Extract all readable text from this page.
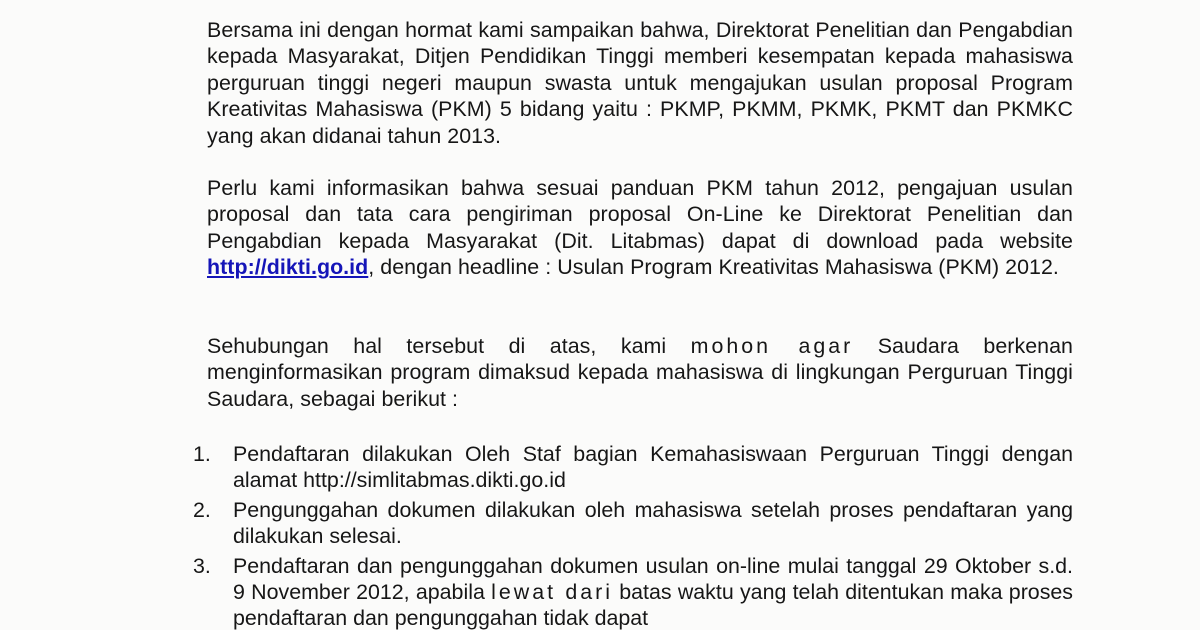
Bersama ini dengan hormat kami sampaikan bahwa, Direktorat Penelitian dan Pengabdian kepada Masyarakat, Ditjen Pendidikan Tinggi memberi kesempatan kepada mahasiswa perguruan tinggi negeri maupun swasta untuk mengajukan usulan proposal Program Kreativitas Mahasiswa (PKM) 5 bidang yaitu : PKMP, PKMM, PKMK, PKMT dan PKMKC yang akan didanai tahun 2013.

Perlu kami informasikan bahwa sesuai panduan PKM tahun 2012, pengajuan usulan proposal dan tata cara pengiriman proposal On-Line ke Direktorat Penelitian dan Pengabdian kepada Masyarakat (Dit. Litabmas) dapat di download pada website http://dikti.go.id, dengan headline : Usulan Program Kreativitas Mahasiswa (PKM) 2012.

Sehubungan hal tersebut di atas, kami mohon agar Saudara berkenan menginformasikan program dimaksud kepada mahasiswa di lingkungan Perguruan Tinggi Saudara, sebagai berikut :

1.	Pendaftaran dilakukan Oleh Staf bagian Kemahasiswaan Perguruan Tinggi dengan alamat http://simlitabmas.dikti.go.id
2.	Pengunggahan dokumen dilakukan oleh mahasiswa setelah proses pendaftaran yang dilakukan selesai.
3.	Pendaftaran dan pengunggahan dokumen usulan on-line mulai tanggal 29 Oktober s.d. 9 November 2012, apabila lewat dari batas waktu yang telah ditentukan maka proses pendaftaran dan pengunggahan tidak dapat
